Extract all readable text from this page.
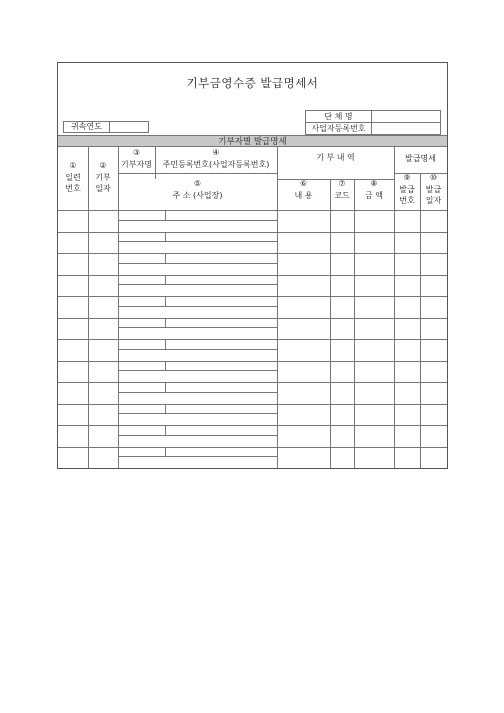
기부금영수증 발급명세서
귀속연도
단 체 명
사업자등록번호
기부자별 발급명세
①
일련
번호
②
기부
일자
③
기부자명
④
주민등록번호(사업자등록번호)
⑤
주 소 (사업장)
기 부 내 역
⑥
내 용
⑦
코드
⑧
금 액
발급명세
⑨
발급
번호
⑩
발급
일자
